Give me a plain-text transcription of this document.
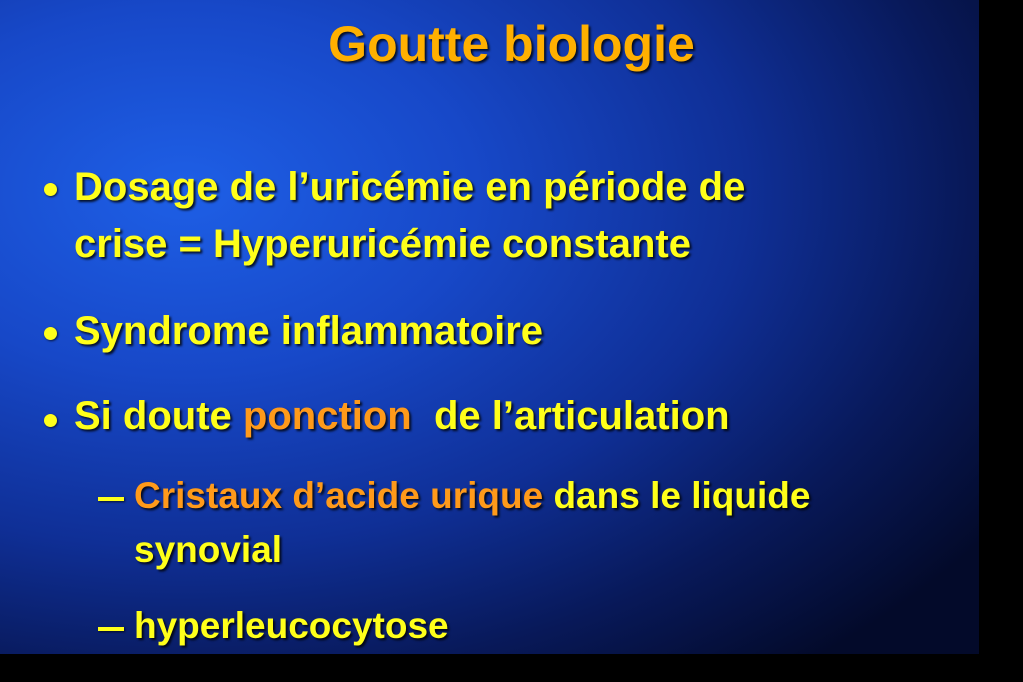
Goutte biologie
Dosage de l’uricémie en période de
crise = Hyperuricémie constante
Syndrome inflammatoire
Si doute ponction  de l’articulation
Cristaux d’acide urique dans le liquide
synovial
hyperleucocytose
